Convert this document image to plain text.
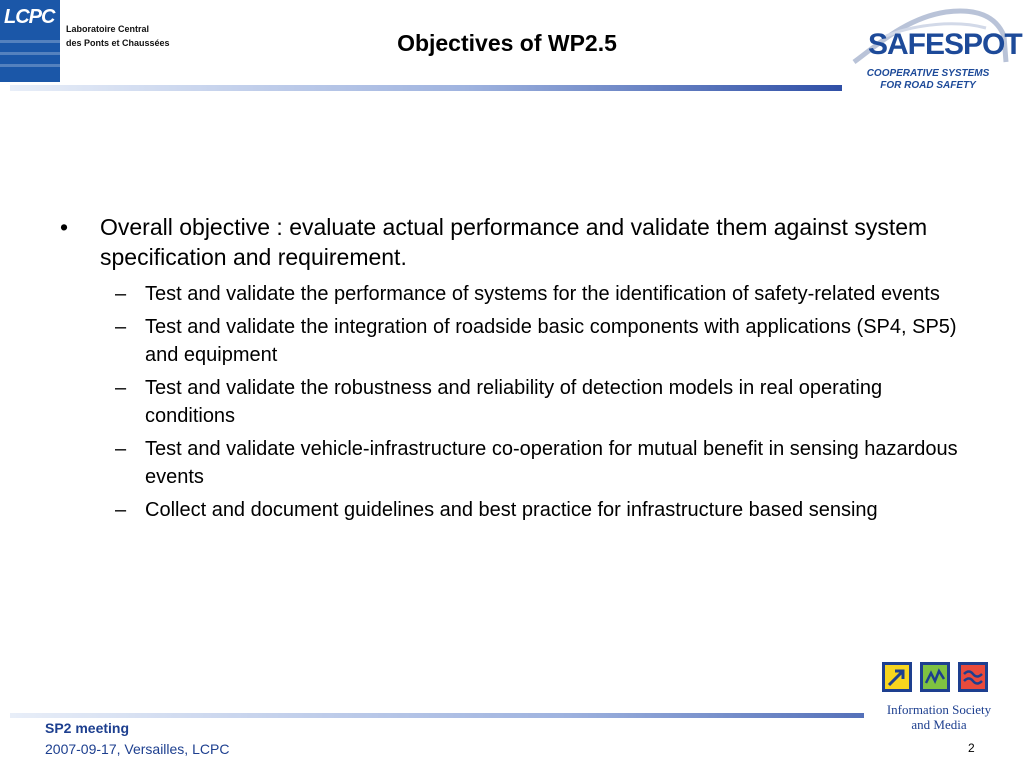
LCPC
Laboratoire Central
des Ponts et Chaussées	Objectives of WP2.5	SAFESPOT
COOPERATIVE SYSTEMS
FOR ROAD SAFETY
• Overall objective : evaluate actual performance and validate them against system specification and requirement.
– Test and validate the performance of systems for the identification of safety-related events
– Test and validate the integration of roadside basic components with applications (SP4, SP5) and equipment
– Test and validate the robustness and reliability of detection models in real operating conditions
– Test and validate vehicle-infrastructure co-operation for mutual benefit in sensing hazardous events
– Collect and document guidelines and best practice for infrastructure based sensing
Information Society
and Media
SP2 meeting
2007-09-17, Versailles, LCPC	2
